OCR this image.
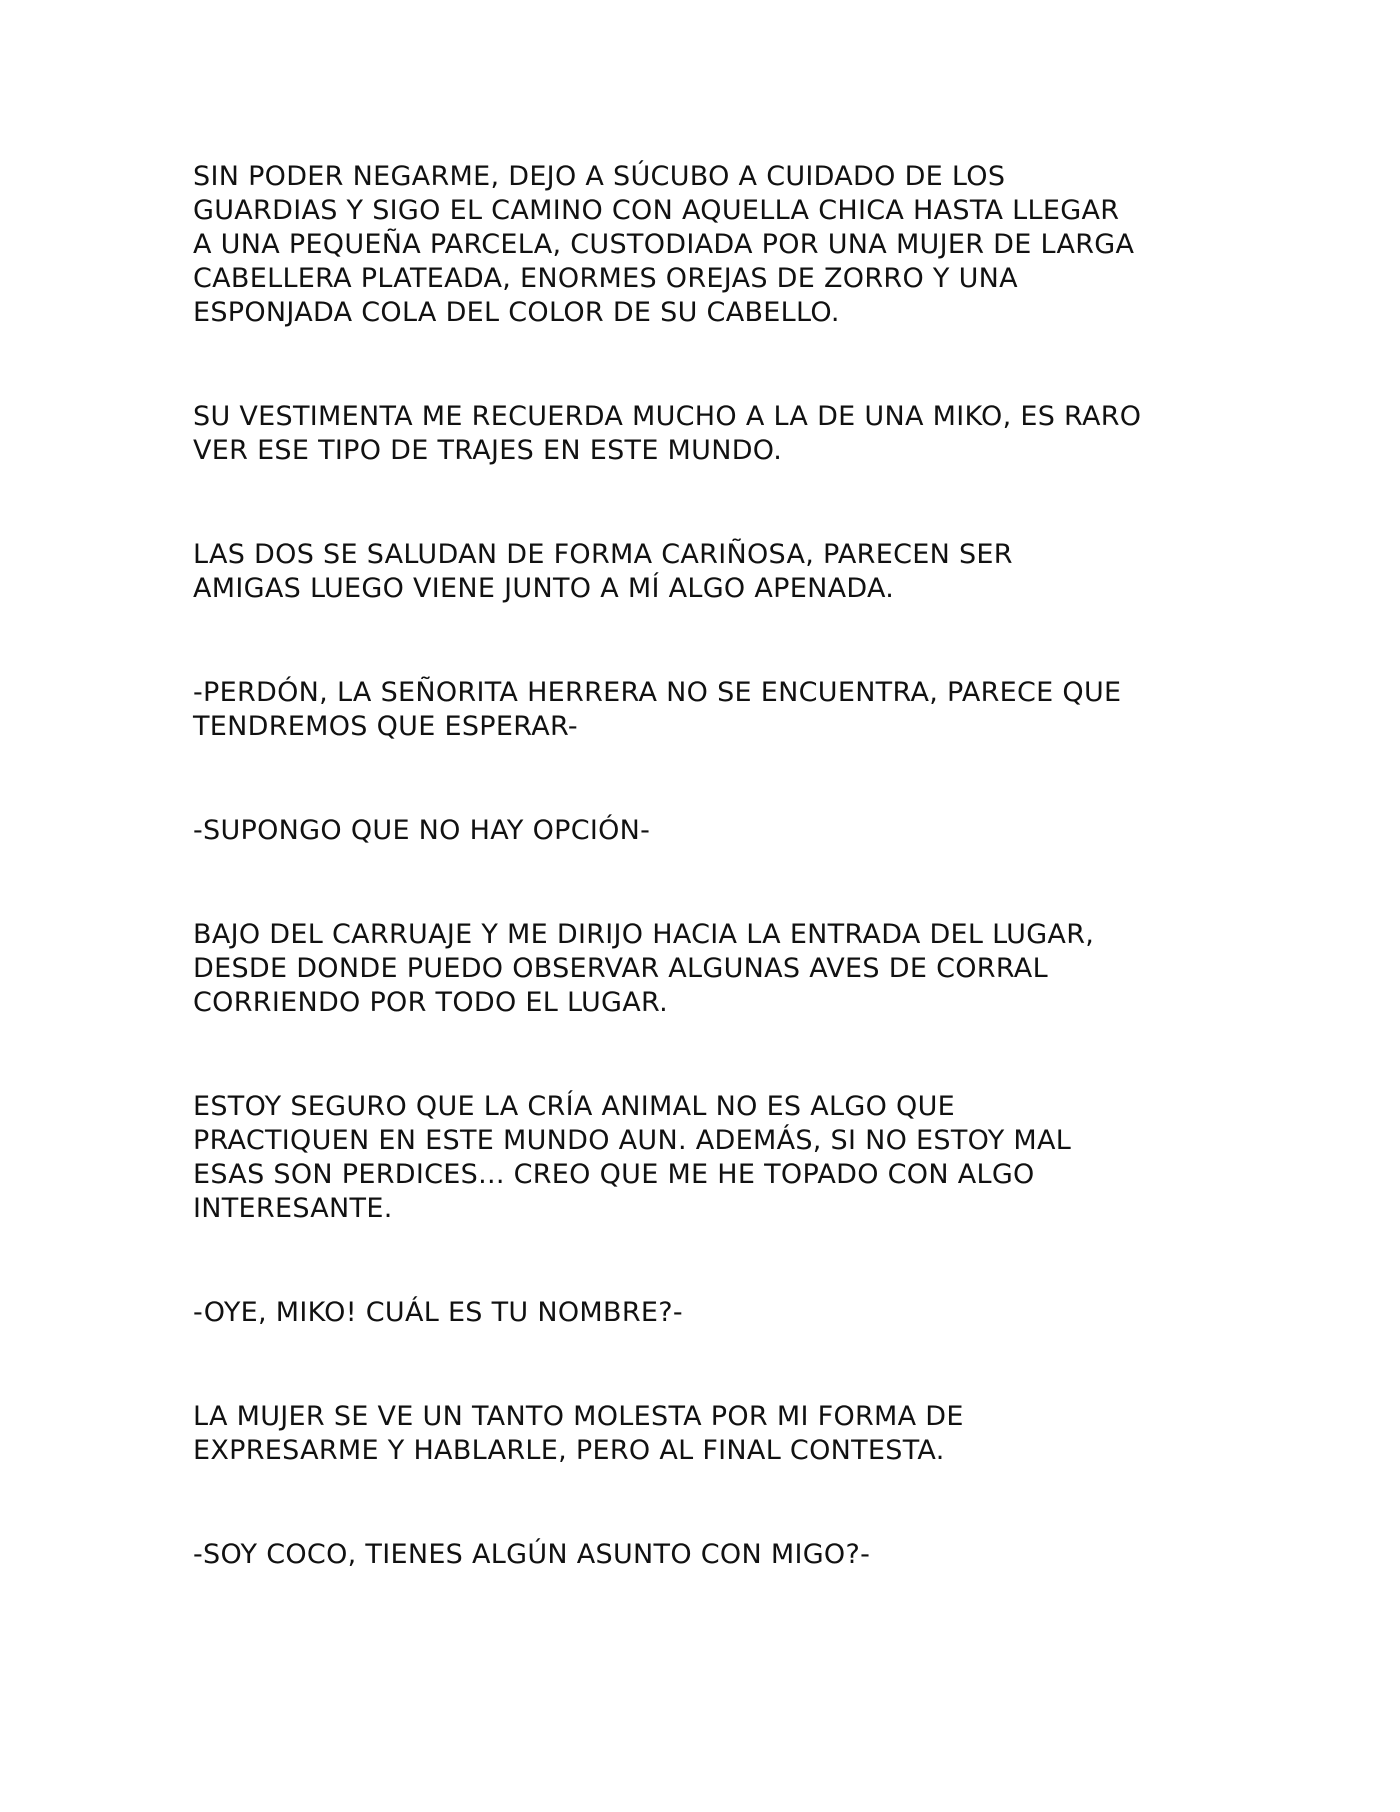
SIN PODER NEGARME, DEJO A SÚCUBO A CUIDADO DE LOS
GUARDIAS Y SIGO EL CAMINO CON AQUELLA CHICA HASTA LLEGAR
A UNA PEQUEÑA PARCELA, CUSTODIADA POR UNA MUJER DE LARGA
CABELLERA PLATEADA, ENORMES OREJAS DE ZORRO Y UNA
ESPONJADA COLA DEL COLOR DE SU CABELLO.

SU VESTIMENTA ME RECUERDA MUCHO A LA DE UNA MIKO, ES RARO
VER ESE TIPO DE TRAJES EN ESTE MUNDO.

LAS DOS SE SALUDAN DE FORMA CARIÑOSA, PARECEN SER
AMIGAS LUEGO VIENE JUNTO A MÍ ALGO APENADA.

-PERDÓN, LA SEÑORITA HERRERA NO SE ENCUENTRA, PARECE QUE
TENDREMOS QUE ESPERAR-

-SUPONGO QUE NO HAY OPCIÓN-

BAJO DEL CARRUAJE Y ME DIRIJO HACIA LA ENTRADA DEL LUGAR,
DESDE DONDE PUEDO OBSERVAR ALGUNAS AVES DE CORRAL
CORRIENDO POR TODO EL LUGAR.

ESTOY SEGURO QUE LA CRÍA ANIMAL NO ES ALGO QUE
PRACTIQUEN EN ESTE MUNDO AUN. ADEMÁS, SI NO ESTOY MAL
ESAS SON PERDICES... CREO QUE ME HE TOPADO CON ALGO
INTERESANTE.

-OYE, MIKO! CUÁL ES TU NOMBRE?-

LA MUJER SE VE UN TANTO MOLESTA POR MI FORMA DE
EXPRESARME Y HABLARLE, PERO AL FINAL CONTESTA.

-SOY COCO, TIENES ALGÚN ASUNTO CON MIGO?-
